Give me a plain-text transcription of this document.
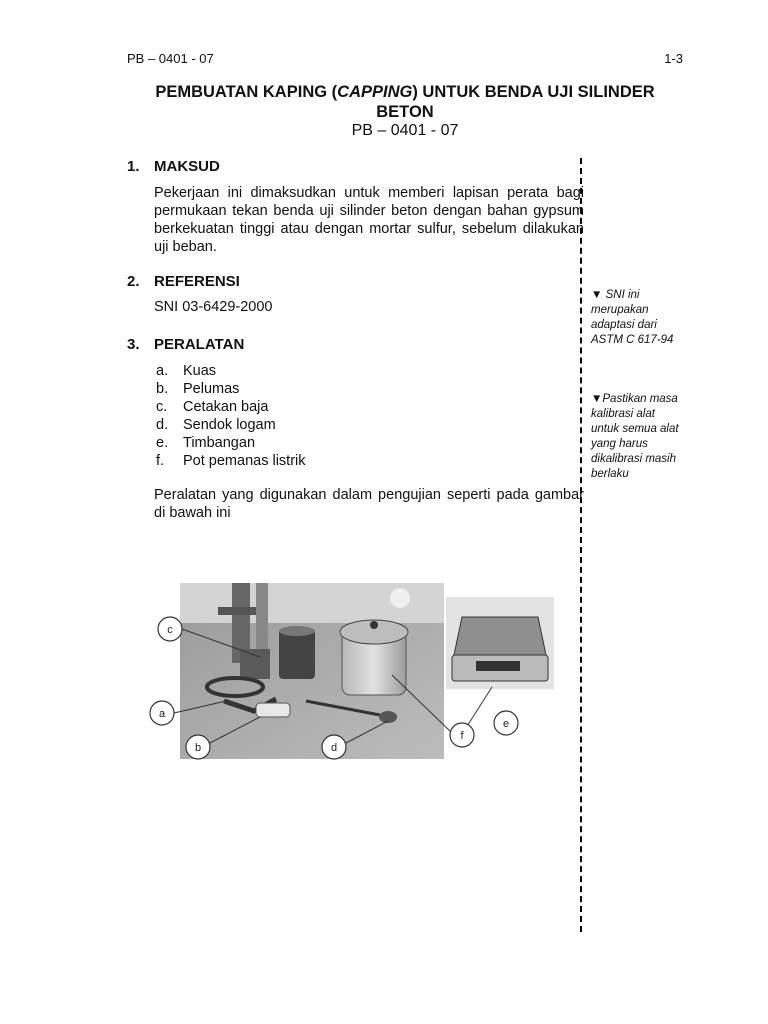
PB – 0401 - 07	1-3
PEMBUATAN KAPING (CAPPING) UNTUK BENDA UJI SILINDER BETON
PB – 0401 - 07
1. MAKSUD
Pekerjaan ini dimaksudkan untuk memberi lapisan perata bagi permukaan tekan benda uji silinder beton dengan bahan gypsum berkekuatan tinggi atau dengan mortar sulfur, sebelum dilakukan uji beban.
2. REFERENSI
SNI 03-6429-2000
3. PERALATAN
a. Kuas
b. Pelumas
c. Cetakan baja
d. Sendok logam
e. Timbangan
f. Pot pemanas listrik
Peralatan yang digunakan dalam pengujian seperti pada gambar di bawah ini
▼ SNI ini merupakan adaptasi dari ASTM C 617-94
▼Pastikan masa kalibrasi alat untuk semua alat yang harus dikalibrasi masih berlaku
c
a
b	d
f
e
